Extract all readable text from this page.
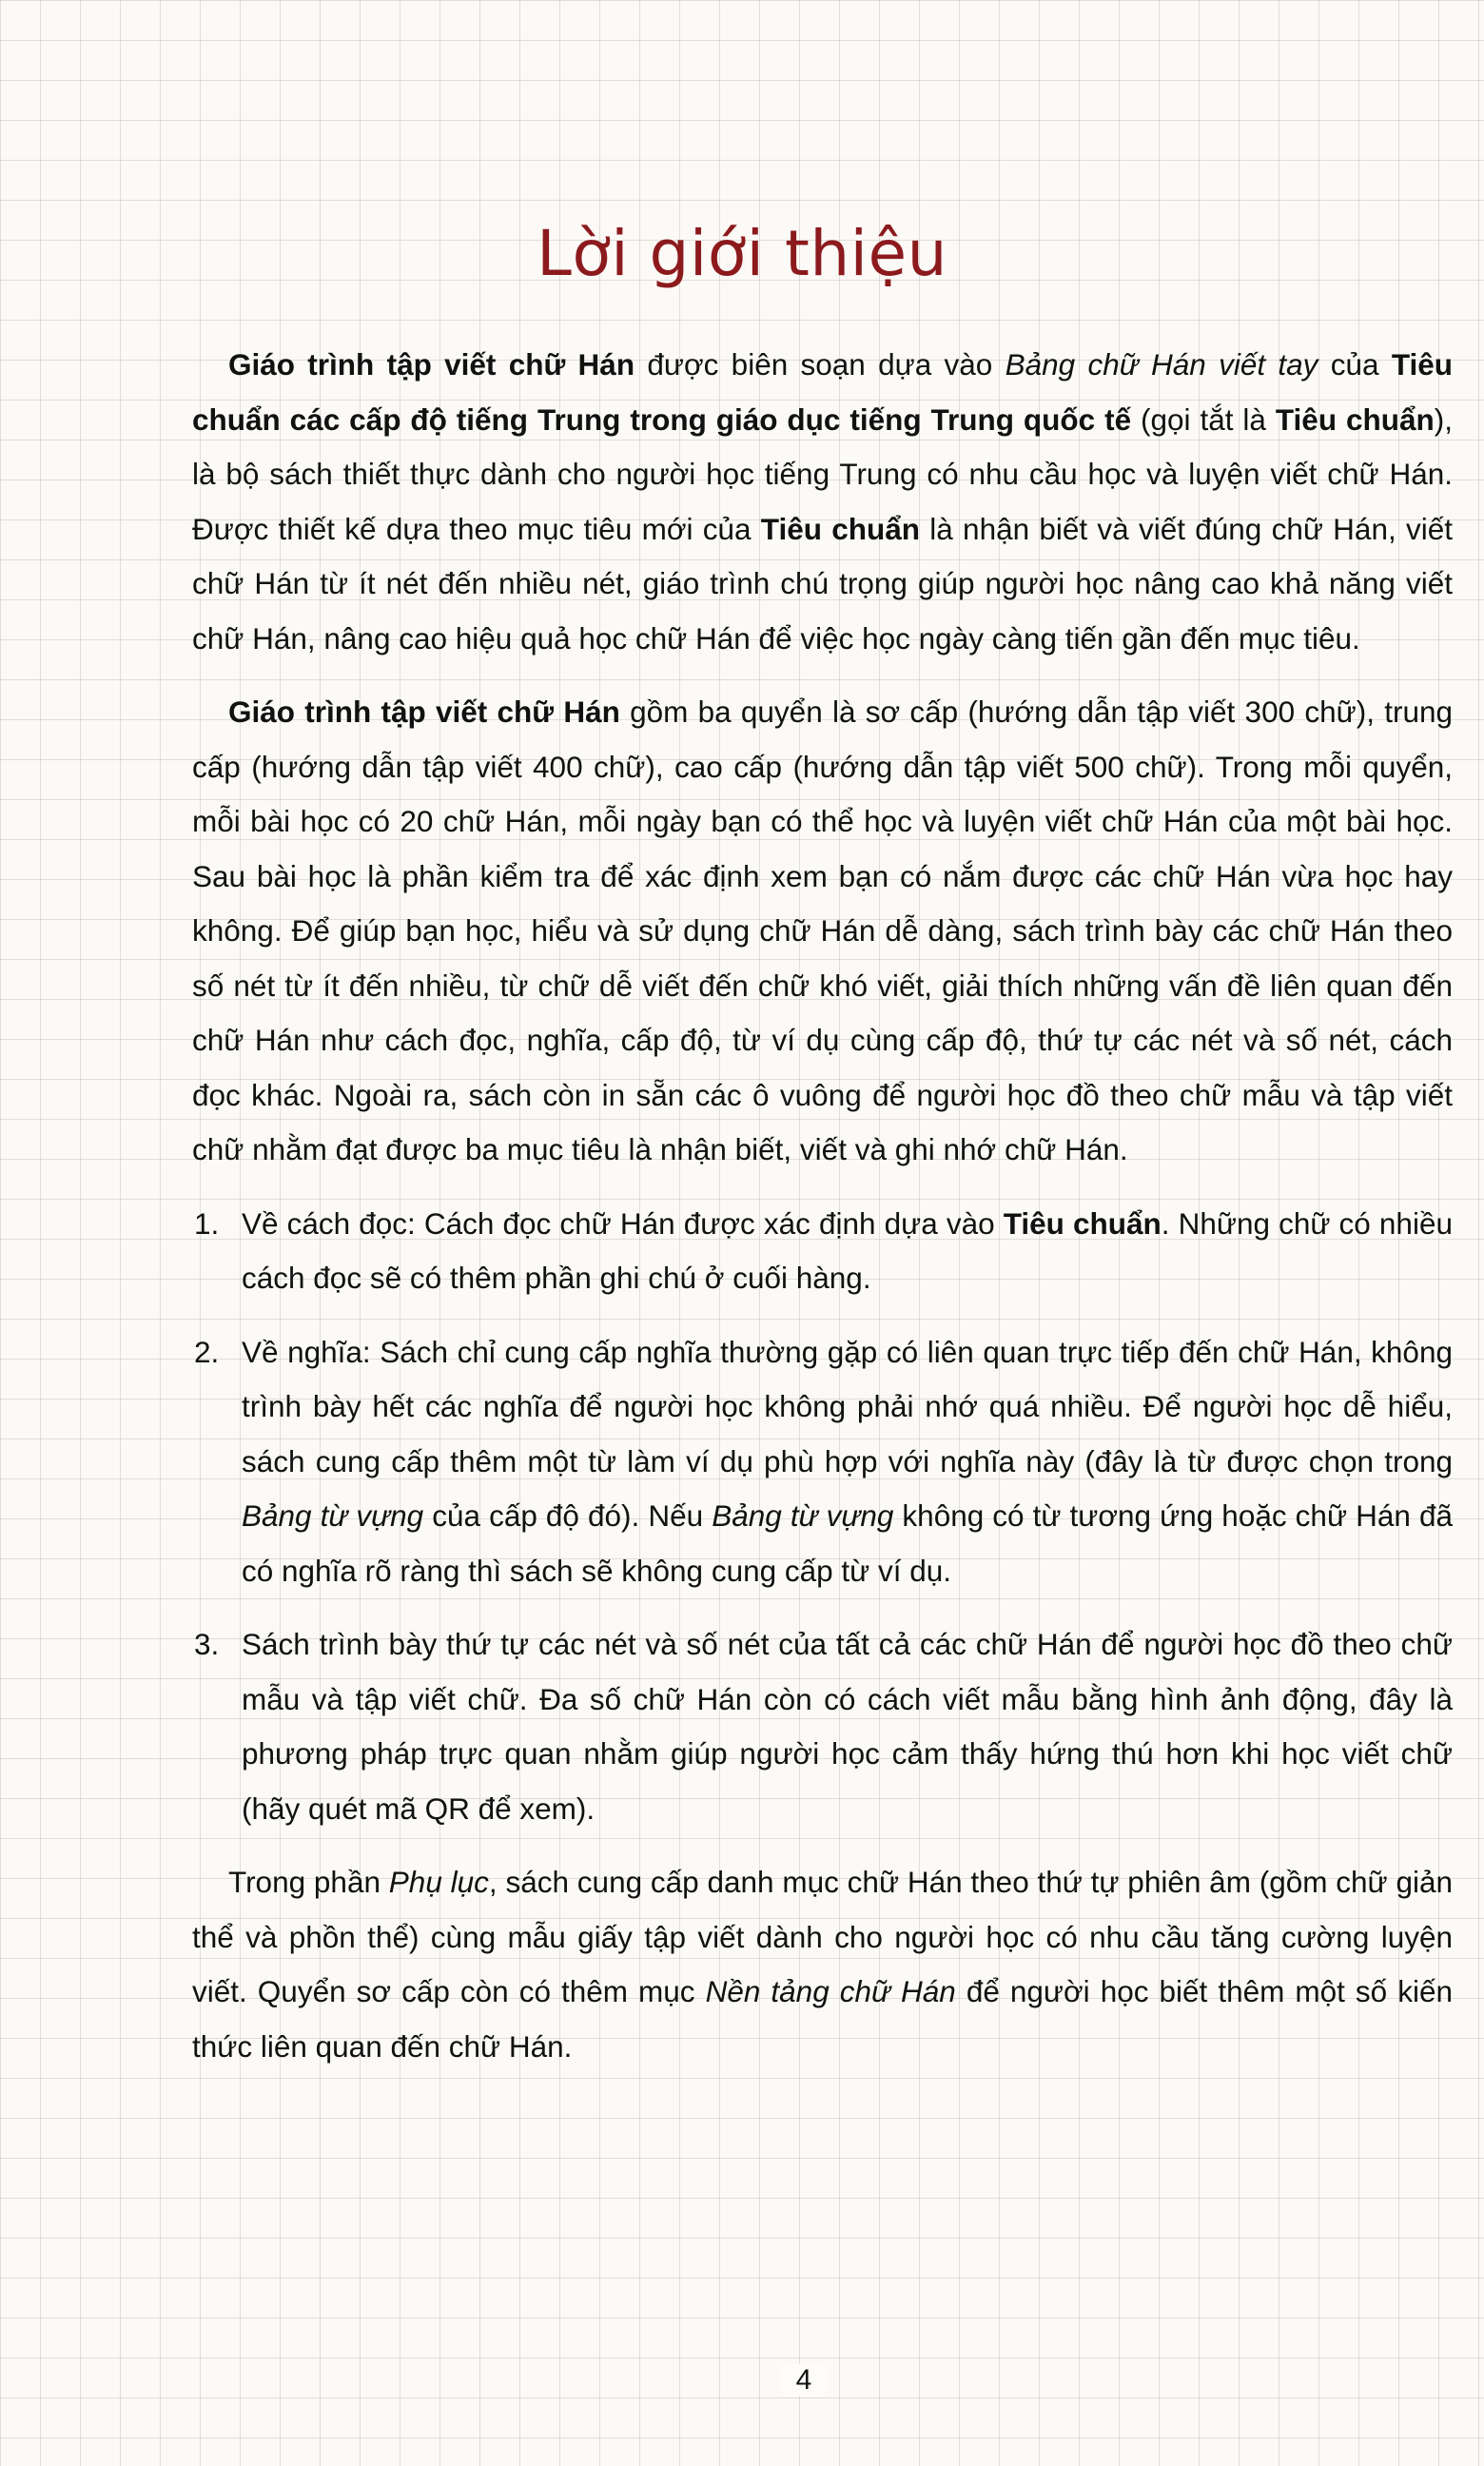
Lời giới thiệu

Giáo trình tập viết chữ Hán được biên soạn dựa vào Bảng chữ Hán viết tay của Tiêu chuẩn các cấp độ tiếng Trung trong giáo dục tiếng Trung quốc tế (gọi tắt là Tiêu chuẩn), là bộ sách thiết thực dành cho người học tiếng Trung có nhu cầu học và luyện viết chữ Hán. Được thiết kế dựa theo mục tiêu mới của Tiêu chuẩn là nhận biết và viết đúng chữ Hán, viết chữ Hán từ ít nét đến nhiều nét, giáo trình chú trọng giúp người học nâng cao khả năng viết chữ Hán, nâng cao hiệu quả học chữ Hán để việc học ngày càng tiến gần đến mục tiêu.

Giáo trình tập viết chữ Hán gồm ba quyển là sơ cấp (hướng dẫn tập viết 300 chữ), trung cấp (hướng dẫn tập viết 400 chữ), cao cấp (hướng dẫn tập viết 500 chữ). Trong mỗi quyển, mỗi bài học có 20 chữ Hán, mỗi ngày bạn có thể học và luyện viết chữ Hán của một bài học. Sau bài học là phần kiểm tra để xác định xem bạn có nắm được các chữ Hán vừa học hay không. Để giúp bạn học, hiểu và sử dụng chữ Hán dễ dàng, sách trình bày các chữ Hán theo số nét từ ít đến nhiều, từ chữ dễ viết đến chữ khó viết, giải thích những vấn đề liên quan đến chữ Hán như cách đọc, nghĩa, cấp độ, từ ví dụ cùng cấp độ, thứ tự các nét và số nét, cách đọc khác. Ngoài ra, sách còn in sẵn các ô vuông để người học đồ theo chữ mẫu và tập viết chữ nhằm đạt được ba mục tiêu là nhận biết, viết và ghi nhớ chữ Hán.

1. Về cách đọc: Cách đọc chữ Hán được xác định dựa vào Tiêu chuẩn. Những chữ có nhiều cách đọc sẽ có thêm phần ghi chú ở cuối hàng.
2. Về nghĩa: Sách chỉ cung cấp nghĩa thường gặp có liên quan trực tiếp đến chữ Hán, không trình bày hết các nghĩa để người học không phải nhớ quá nhiều. Để người học dễ hiểu, sách cung cấp thêm một từ làm ví dụ phù hợp với nghĩa này (đây là từ được chọn trong Bảng từ vựng của cấp độ đó). Nếu Bảng từ vựng không có từ tương ứng hoặc chữ Hán đã có nghĩa rõ ràng thì sách sẽ không cung cấp từ ví dụ.
3. Sách trình bày thứ tự các nét và số nét của tất cả các chữ Hán để người học đồ theo chữ mẫu và tập viết chữ. Đa số chữ Hán còn có cách viết mẫu bằng hình ảnh động, đây là phương pháp trực quan nhằm giúp người học cảm thấy hứng thú hơn khi học viết chữ (hãy quét mã QR để xem).

Trong phần Phụ lục, sách cung cấp danh mục chữ Hán theo thứ tự phiên âm (gồm chữ giản thể và phồn thể) cùng mẫu giấy tập viết dành cho người học có nhu cầu tăng cường luyện viết. Quyển sơ cấp còn có thêm mục Nền tảng chữ Hán để người học biết thêm một số kiến thức liên quan đến chữ Hán.

4
